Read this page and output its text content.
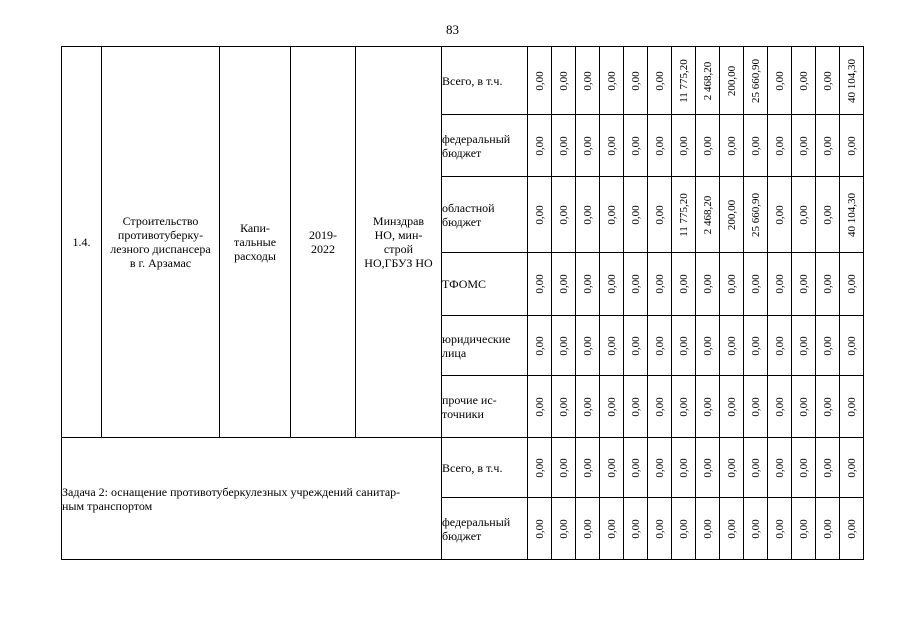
83
1.4.	Строительство
противотуберку-
лезного диспансера
в г. Арзамас	Капи-
тальные
расходы	2019-
2022	Минздрав
НО, мин-
строй
НО,ГБУЗ НО	Всего, в т.ч.	0,00	0,00	0,00	0,00	0,00	0,00	11 775,20	2 468,20	200,00	25 660,90	0,00	0,00	0,00	40 104,30

					федеральный
бюджет	0,00	0,00	0,00	0,00	0,00	0,00	0,00	0,00	0,00	0,00	0,00	0,00	0,00	0,00

					областной
бюджет	0,00	0,00	0,00	0,00	0,00	0,00	11 775,20	2 468,20	200,00	25 660,90	0,00	0,00	0,00	40 104,30

					ТФОМС	0,00	0,00	0,00	0,00	0,00	0,00	0,00	0,00	0,00	0,00	0,00	0,00	0,00	0,00

					юридические
лица	0,00	0,00	0,00	0,00	0,00	0,00	0,00	0,00	0,00	0,00	0,00	0,00	0,00	0,00

					прочие ис-
точники	0,00	0,00	0,00	0,00	0,00	0,00	0,00	0,00	0,00	0,00	0,00	0,00	0,00	0,00

Задача 2: оснащение противотуберкулезных учреждений санитар-
ным транспортом					Всего, в т.ч.	0,00	0,00	0,00	0,00	0,00	0,00	0,00	0,00	0,00	0,00	0,00	0,00	0,00	0,00

					федеральный
бюджет	0,00	0,00	0,00	0,00	0,00	0,00	0,00	0,00	0,00	0,00	0,00	0,00	0,00	0,00
